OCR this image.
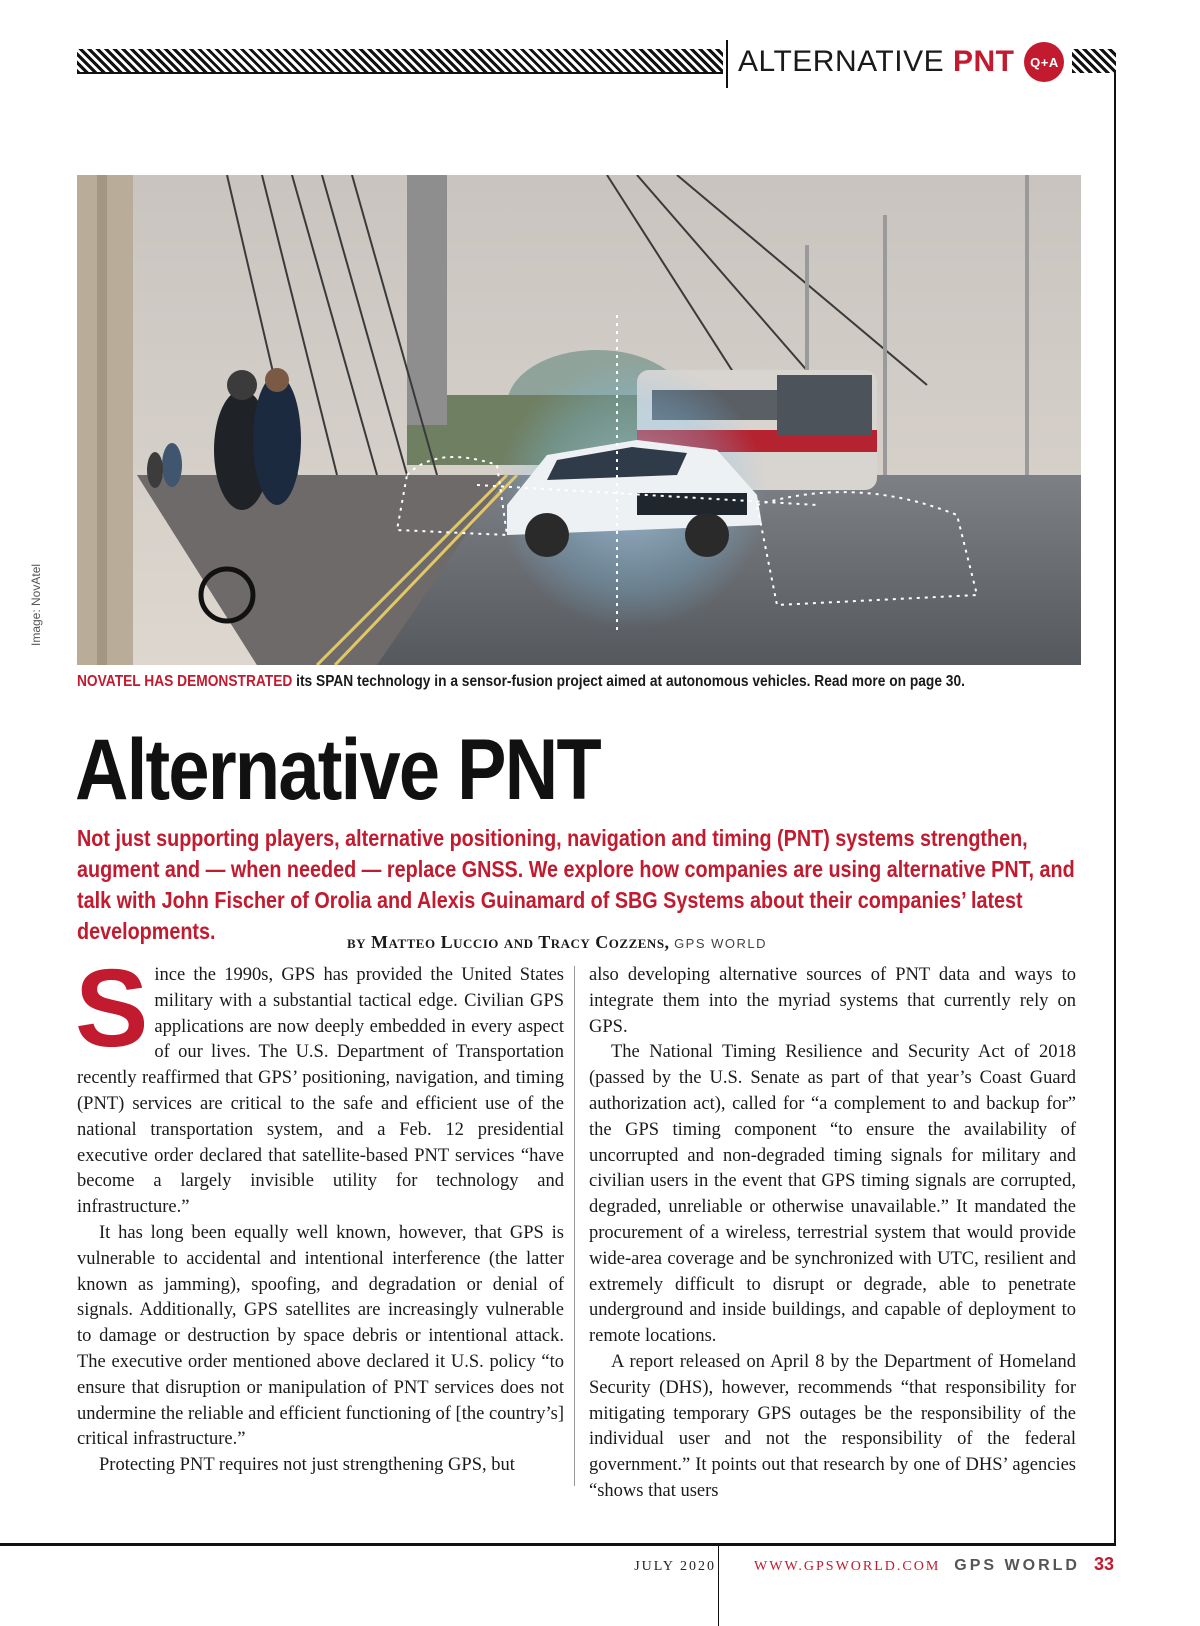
ALTERNATIVE PNT	Q+A
Image: NovAtel
NOVATEL HAS DEMONSTRATED its SPAN technology in a sensor-fusion project aimed at autonomous vehicles. Read more on page 30.
Alternative PNT

Not just supporting players, alternative positioning, navigation and timing (PNT) systems strengthen, augment and — when needed — replace GNSS. We explore how companies are using alternative PNT, and talk with John Fischer of Orolia and Alexis Guinamard of SBG Systems about their companies’ latest developments.	by Matteo Luccio and Tracy Cozzens, GPS WORLD

Since the 1990s, GPS has provided the United States military with a substantial tactical edge. Civilian GPS applications are now deeply embedded in every aspect of our lives. The U.S. Department of Transportation recently reaffirmed that GPS’ positioning, navigation, and timing (PNT) services are critical to the safe and efficient use of the national transportation system, and a Feb. 12 presidential executive order declared that satellite-based PNT services “have become a largely invisible utility for technology and infrastructure.”

It has long been equally well known, however, that GPS is vulnerable to accidental and intentional interference (the latter known as jamming), spoofing, and degradation or denial of signals. Additionally, GPS satellites are increasingly vulnerable to damage or destruction by space debris or intentional attack. The executive order mentioned above declared it U.S. policy “to ensure that disruption or manipulation of PNT services does not undermine the reliable and efficient functioning of [the country’s] critical infrastructure.”

Protecting PNT requires not just strengthening GPS, but

also developing alternative sources of PNT data and ways to integrate them into the myriad systems that currently rely on GPS.

The National Timing Resilience and Security Act of 2018 (passed by the U.S. Senate as part of that year’s Coast Guard authorization act), called for “a complement to and backup for” the GPS timing component “to ensure the availability of uncorrupted and non-degraded timing signals for military and civilian users in the event that GPS timing signals are corrupted, degraded, unreliable or otherwise unavailable.” It mandated the procurement of a wireless, terrestrial system that would provide wide-area coverage and be synchronized with UTC, resilient and extremely difficult to disrupt or degrade, able to penetrate underground and inside buildings, and capable of deployment to remote locations.

A report released on April 8 by the Department of Homeland Security (DHS), however, recommends “that responsibility for mitigating temporary GPS outages be the responsibility of the individual user and not the responsibility of the federal government.” It points out that research by one of DHS’ agencies “shows that users

JULY 2020	WWW.GPSWORLD.COM GPS WORLD 33
